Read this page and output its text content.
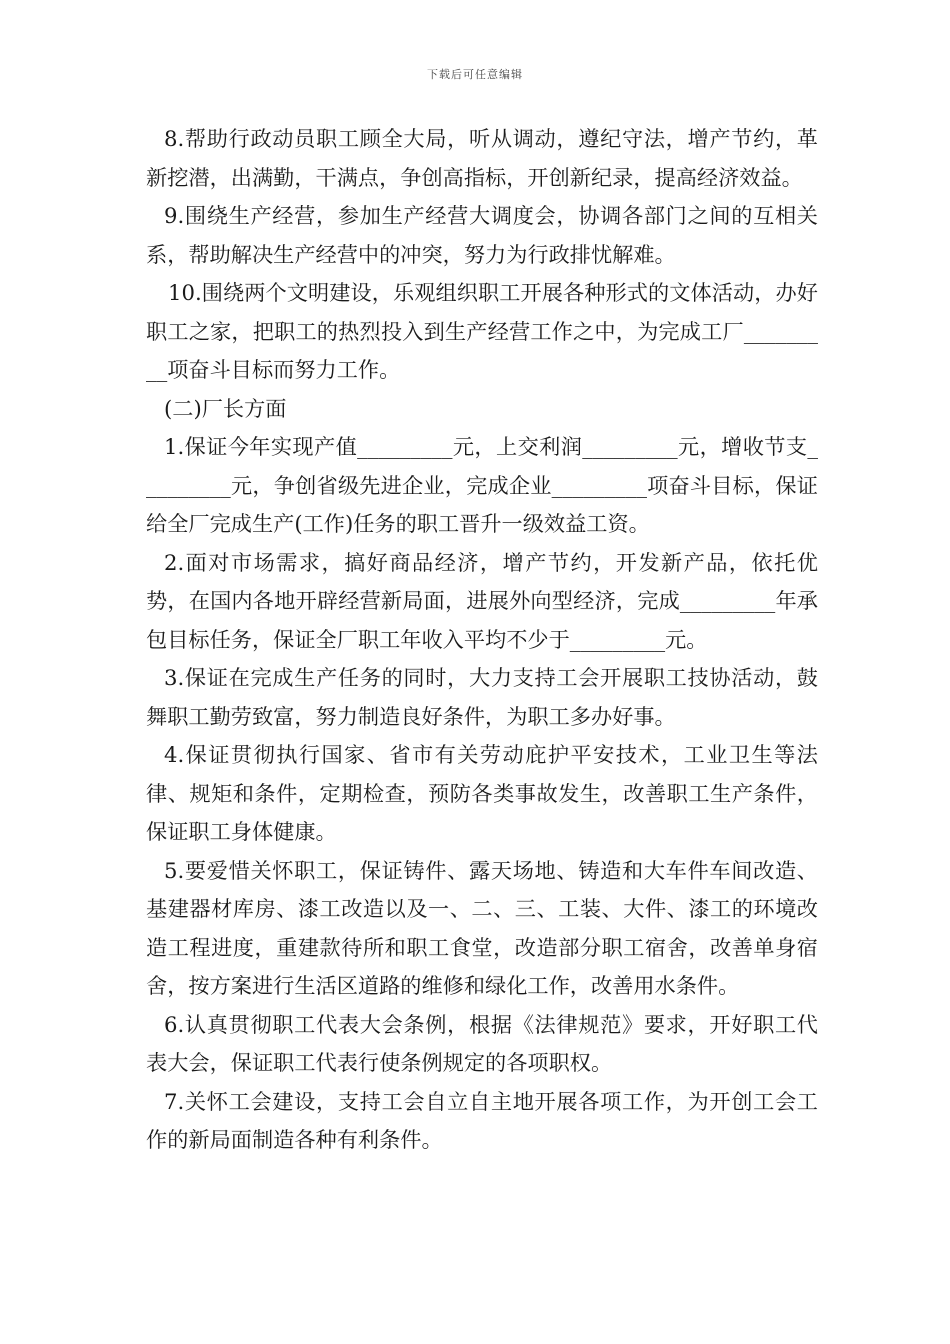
下载后可任意编辑

8.帮助行政动员职工顾全大局，听从调动，遵纪守法，增产节约，革新挖潜，出满勤，干满点，争创高指标，开创新纪录，提高经济效益。

9.围绕生产经营，参加生产经营大调度会，协调各部门之间的互相关系，帮助解决生产经营中的冲突，努力为行政排忧解难。

10.围绕两个文明建设，乐观组织职工开展各种形式的文体活动，办好职工之家，把职工的热烈投入到生产经营工作之中，为完成工厂_________项奋斗目标而努力工作。

(二)厂长方面

1.保证今年实现产值_________元，上交利润_________元，增收节支_________元，争创省级先进企业，完成企业_________项奋斗目标，保证给全厂完成生产(工作)任务的职工晋升一级效益工资。

2.面对市场需求，搞好商品经济，增产节约，开发新产品，依托优势，在国内各地开辟经营新局面，进展外向型经济，完成_________年承包目标任务，保证全厂职工年收入平均不少于_________元。

3.保证在完成生产任务的同时，大力支持工会开展职工技协活动，鼓舞职工勤劳致富，努力制造良好条件，为职工多办好事。

4.保证贯彻执行国家、省市有关劳动庇护平安技术，工业卫生等法律、规矩和条件，定期检查，预防各类事故发生，改善职工生产条件，保证职工身体健康。

5.要爱惜关怀职工，保证铸件、露天场地、铸造和大车件车间改造、基建器材库房、漆工改造以及一、二、三、工装、大件、漆工的环境改造工程进度，重建款待所和职工食堂，改造部分职工宿舍，改善单身宿舍，按方案进行生活区道路的维修和绿化工作，改善用水条件。

6.认真贯彻职工代表大会条例，根据《法律规范》要求，开好职工代表大会，保证职工代表行使条例规定的各项职权。

7.关怀工会建设，支持工会自立自主地开展各项工作，为开创工会工作的新局面制造各种有利条件。
